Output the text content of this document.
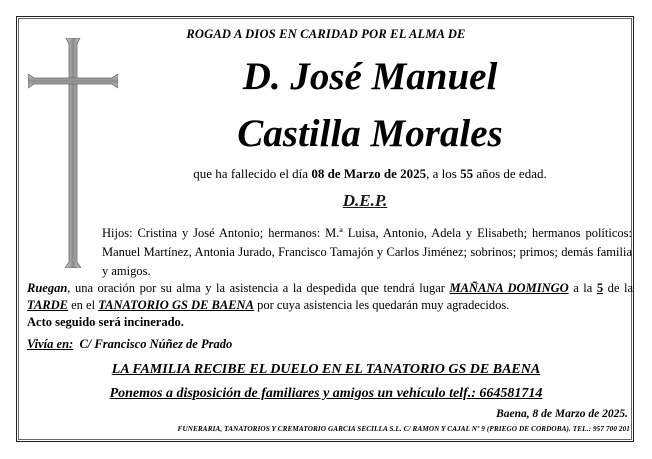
ROGAD A DIOS EN CARIDAD POR EL ALMA DE
D. José Manuel
Castilla Morales
que ha fallecido el día 08 de Marzo de 2025, a los 55 años de edad.
D.E.P.
Hijos: Cristina y José Antonio; hermanos: M.ª Luisa, Antonio, Adela y Elisabeth; hermanos políticos: Manuel Martínez, Antonia Jurado, Francisco Tamajón y Carlos Jiménez; sobrinos; primos; demás familia y amigos.
Ruegan, una oración por su alma y la asistencia a la despedida que tendrá lugar MAÑANA DOMINGO a la 5 de la TARDE en el TANATORIO GS DE BAENA por cuya asistencia les quedarán muy agradecidos.
Acto seguido será incinerado.
Vivía en: C/ Francisco Núñez de Prado
LA FAMILIA RECIBE EL DUELO EN EL TANATORIO GS DE BAENA
Ponemos a disposición de familiares y amigos un vehículo telf.: 664581714
Baena, 8 de Marzo de 2025.
FUNERARIA, TANATORIOS Y CREMATORIO GARCIA SECILLA S.L. C/ RAMON Y CAJAL Nº 9 (PRIEGO DE CORDOBA). TEL.: 957 700 201
